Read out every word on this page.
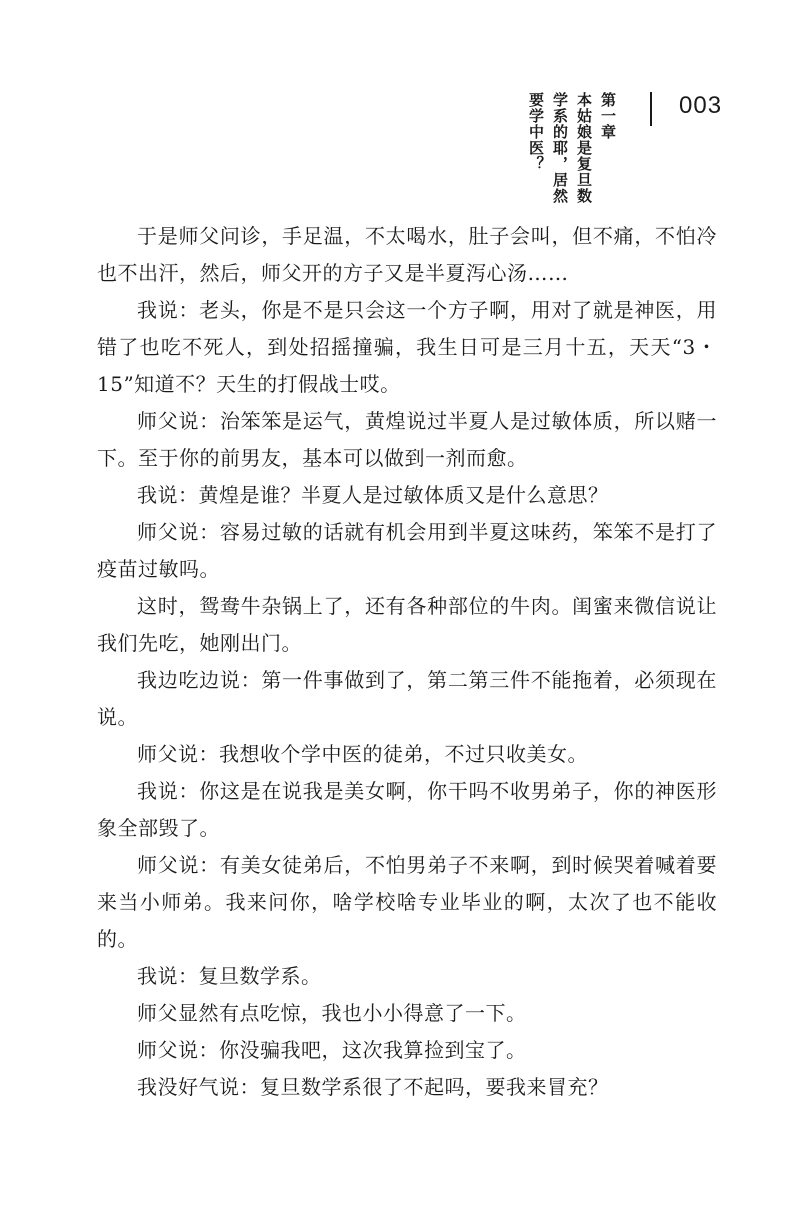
003
第一章
本姑娘是复旦数
学系的耶，居然
要学中医？

于是师父问诊，手足温，不太喝水，肚子会叫，但不痛，不怕冷也不出汗，然后，师父开的方子又是半夏泻心汤……

我说：老头，你是不是只会这一个方子啊，用对了就是神医，用错了也吃不死人，到处招摇撞骗，我生日可是三月十五，天天“3・15”知道不？天生的打假战士哎。

师父说：治笨笨是运气，黄煌说过半夏人是过敏体质，所以赌一下。至于你的前男友，基本可以做到一剂而愈。

我说：黄煌是谁？半夏人是过敏体质又是什么意思？

师父说：容易过敏的话就有机会用到半夏这味药，笨笨不是打了疫苗过敏吗。

这时，鸳鸯牛杂锅上了，还有各种部位的牛肉。闺蜜来微信说让我们先吃，她刚出门。

我边吃边说：第一件事做到了，第二第三件不能拖着，必须现在说。

师父说：我想收个学中医的徒弟，不过只收美女。

我说：你这是在说我是美女啊，你干吗不收男弟子，你的神医形象全部毁了。

师父说：有美女徒弟后，不怕男弟子不来啊，到时候哭着喊着要来当小师弟。我来问你，啥学校啥专业毕业的啊，太次了也不能收的。

我说：复旦数学系。

师父显然有点吃惊，我也小小得意了一下。

师父说：你没骗我吧，这次我算捡到宝了。

我没好气说：复旦数学系很了不起吗，要我来冒充？
